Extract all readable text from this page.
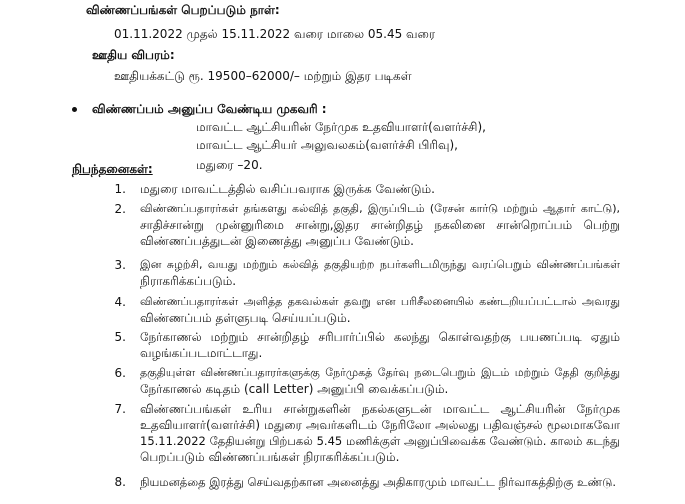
விண்ணப்பங்கள் பெறப்படும் நாள்:
01.11.2022 முதல் 15.11.2022 வரை மாலை 05.45 வரை
ஊதிய விபரம்:
ஊதியக்கட்டு ரூ. 19500–62000/– மற்றும் இதர படிகள்
விண்ணப்பம் அனுப்ப வேண்டிய முகவரி :
மாவட்ட ஆட்சியரின் நேர்முக உதவியாளர்(வளர்ச்சி),
மாவட்ட ஆட்சியர் அலுவலகம்(வளர்ச்சி பிரிவு),
மதுரை –20.
நிபந்தனைகள்:
1. மதுரை மாவட்டத்தில் வசிப்பவராக இருக்க வேண்டும்.
2. விண்ணப்பதாரர்கள் தங்களது கல்வித் தகுதி, இருப்பிடம் (ரேசன் கார்டு மற்றும் ஆதார் காட்டு),
சாதிச்சான்று முன்னுரிமை சான்று,இதர சான்றிதழ் நகலினை சான்றொப்பம் பெற்று
விண்ணப்பத்துடன் இணைத்து அனுப்ப வேண்டும்.
3. இன சுழற்சி, வயது மற்றும் கல்வித் தகுதியற்ற நபர்களிடமிருந்து வரப்பெறும் விண்ணப்பங்கள்
நிராகரிக்கப்படும்.
4. விண்ணப்பதாரர்கள் அளித்த தகவல்கள் தவறு என பரிசீலனையில் கண்டறியப்பட்டால் அவரது
விண்ணப்பம் தள்ளுபடி செய்யப்படும்.
5. நேர்காணல் மற்றும் சான்றிதழ் சரிபார்ப்பில் கலந்து கொள்வதற்கு பயணப்படி ஏதும்
வழங்கப்படமாட்டாது.
6. தகுதியுள்ள விண்ணப்பதாரர்களுக்கு நேர்முகத் தேர்வு நடைபெறும் இடம் மற்றும் தேதி குறித்து
நேர்காணல் கடிதம் (call Letter) அனுப்பி வைக்கப்படும்.
7. விண்ணப்பங்கள் உரிய சான்றுகளின் நகல்களுடன் மாவட்ட ஆட்சியரின் நேர்முக
உதவியாளர்(வளர்ச்சி) மதுரை அவர்களிடம் நேரிலோ அல்லது பதிவஞ்சல் மூலமாகவோ
15.11.2022 தேதியன்று பிற்பகல் 5.45 மணிக்குள் அனுப்பிவைக்க வேண்டும். காலம் கடந்து
பெறப்படும் விண்ணப்பங்கள் நிராகரிக்கப்படும்.
8. நியமனத்தை இரத்து செய்வதற்கான அனைத்து அதிகாரமும் மாவட்ட நிர்வாகத்திற்கு உண்டு.
